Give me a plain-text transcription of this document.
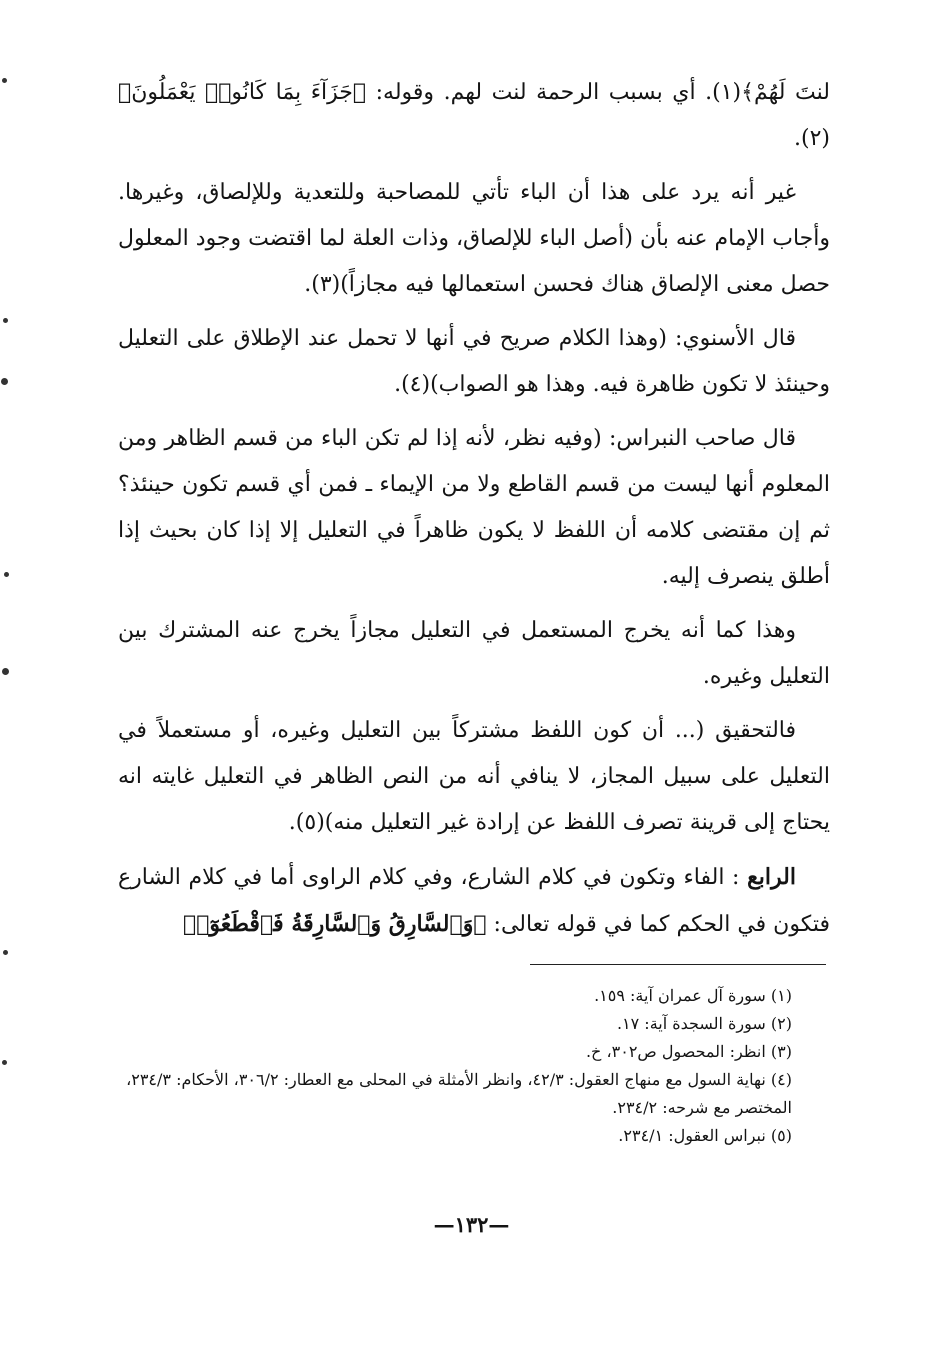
لنتَ لَهُمْ﴾(١). أي بسبب الرحمة لنت لهم. وقوله: ﴿جَزَآءَ بِمَا كَانُوا۟ يَعْمَلُونَ﴾(٢).

غير أنه يرد على هذا أن الباء تأتي للمصاحبة وللتعدية وللإلصاق، وغيرها. وأجاب الإمام عنه بأن (أصل الباء للإلصاق، وذات العلة لما اقتضت وجود المعلول حصل معنى الإلصاق هناك فحسن استعمالها فيه مجازاً)(٣).

قال الأسنوي: (وهذا الكلام صريح في أنها لا تحمل عند الإطلاق على التعليل وحينئذ لا تكون ظاهرة فيه. وهذا هو الصواب)(٤).

قال صاحب النبراس: (وفيه نظر، لأنه إذا لم تكن الباء من قسم الظاهر ومن المعلوم أنها ليست من قسم القاطع ولا من الإيماء ـ فمن أي قسم تكون حينئذ؟ ثم إن مقتضى كلامه أن اللفظ لا يكون ظاهراً في التعليل إلا إذا كان بحيث إذا أطلق ينصرف إليه.

وهذا كما أنه يخرج المستعمل في التعليل مجازاً يخرج عنه المشترك بين التعليل وغيره.

فالتحقيق (... أن كون اللفظ مشتركاً بين التعليل وغيره، أو مستعملاً في التعليل على سبيل المجاز، لا ينافي أنه من النص الظاهر في التعليل غايته انه يحتاج إلى قرينة تصرف اللفظ عن إرادة غير التعليل منه)(٥).

الرابع : الفاء وتكون في كلام الشارع، وفي كلام الراوى أما في كلام الشارع فتكون في الحكم كما في قوله تعالى: ﴿وَٱلسَّارِقُ وَٱلسَّارِقَةُ فَٱقْطَعُوٓا۟

(١) سورة آل عمران آية: ١٥٩.

(٢) سورة السجدة آية: ١٧.

(٣) انظر: المحصول ص٣٠٢، خ.

(٤) نهاية السول مع منهاج العقول: ٤٢/٣، وانظر الأمثلة في المحلى مع العطار: ٣٠٦/٢، الأحكام: ٢٣٤/٣، المختصر مع شرحه: ٢٣٤/٢.

(٥) نبراس العقول: ٢٣٤/١.

—١٣٢—
